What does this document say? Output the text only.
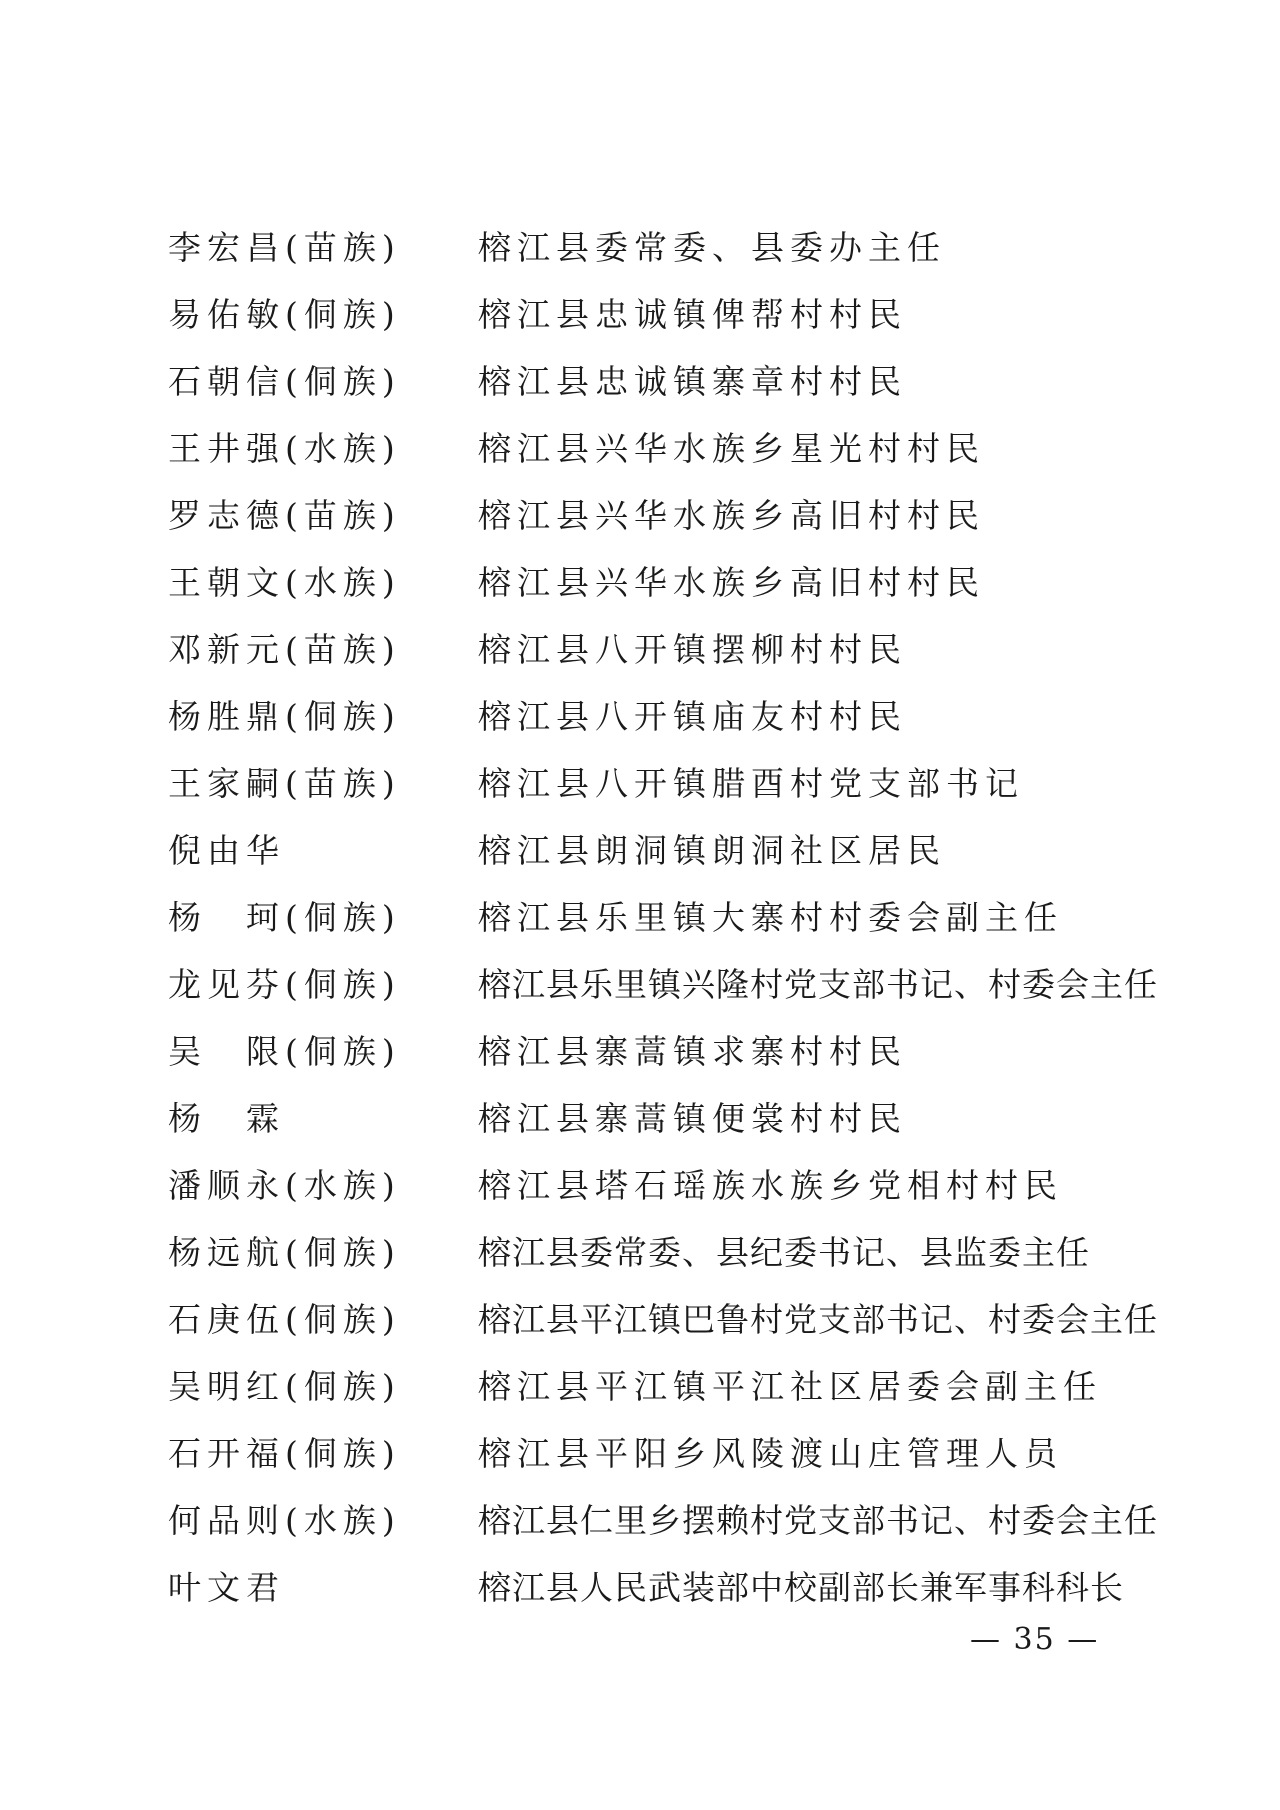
李宏昌(苗族)	榕江县委常委、县委办主任
易佑敏(侗族)	榕江县忠诚镇俾帮村村民
石朝信(侗族)	榕江县忠诚镇寨章村村民
王井强(水族)	榕江县兴华水族乡星光村村民
罗志德(苗族)	榕江县兴华水族乡高旧村村民
王朝文(水族)	榕江县兴华水族乡高旧村村民
邓新元(苗族)	榕江县八开镇摆柳村村民
杨胜鼎(侗族)	榕江县八开镇庙友村村民
王家嗣(苗族)	榕江县八开镇腊酉村党支部书记
倪由华	榕江县朗洞镇朗洞社区居民
杨　珂(侗族)	榕江县乐里镇大寨村村委会副主任
龙见芬(侗族)	榕江县乐里镇兴隆村党支部书记、村委会主任
吴　限(侗族)	榕江县寨蒿镇求寨村村民
杨　霖	榕江县寨蒿镇便裳村村民
潘顺永(水族)	榕江县塔石瑶族水族乡党相村村民
杨远航(侗族)	榕江县委常委、县纪委书记、县监委主任
石庚伍(侗族)	榕江县平江镇巴鲁村党支部书记、村委会主任
吴明红(侗族)	榕江县平江镇平江社区居委会副主任
石开福(侗族)	榕江县平阳乡风陵渡山庄管理人员
何品则(水族)	榕江县仁里乡摆赖村党支部书记、村委会主任
叶文君	榕江县人民武装部中校副部长兼军事科科长
— 35 —
